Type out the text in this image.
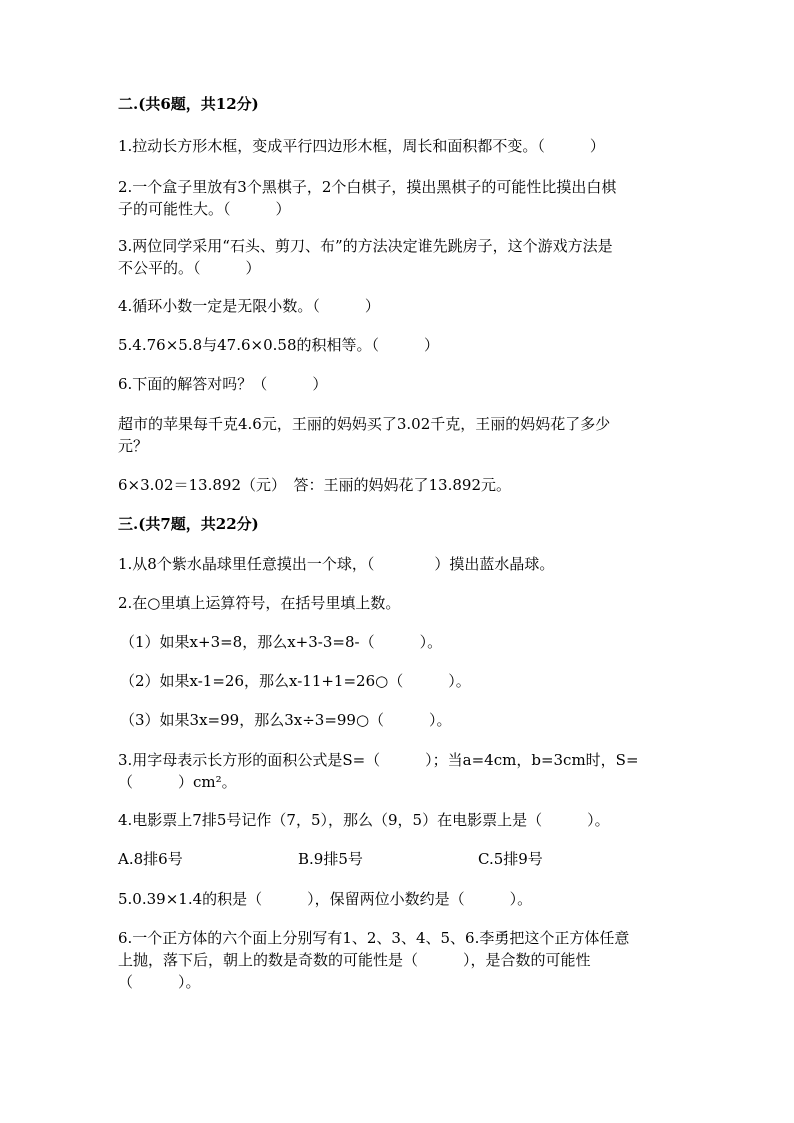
二.(共6题，共12分)
1.拉动长方形木框，变成平行四边形木框，周长和面积都不变。（　　　）
2.一个盒子里放有3个黑棋子，2个白棋子，摸出黑棋子的可能性比摸出白棋
子的可能性大。（　　　）
3.两位同学采用“石头、剪刀、布”的方法决定谁先跳房子，这个游戏方法是
不公平的。（　　　）
4.循环小数一定是无限小数。（　　　）
5.4.76×5.8与47.6×0.58的积相等。（　　　）
6.下面的解答对吗？（　　　）
超市的苹果每千克4.6元，王丽的妈妈买了3.02千克，王丽的妈妈花了多少
元？
6×3.02＝13.892（元）　答：王丽的妈妈花了13.892元。
三.(共7题，共22分)
1.从8个紫水晶球里任意摸出一个球，（　　　　）摸出蓝水晶球。
2.在○里填上运算符号，在括号里填上数。
（1）如果x+3=8，那么x+3-3=8-（　　　）。
（2）如果x-1=26，那么x-11+1=26○（　　　）。
（3）如果3x=99，那么3x÷3=99○（　　　）。
3.用字母表示长方形的面积公式是S=（　　　）；当a=4cm，b=3cm时，S=
（　　　）cm²。
4.电影票上7排5号记作（7，5），那么（9，5）在电影票上是（　　　）。
A.8排6号	B.9排5号	C.5排9号
5.0.39×1.4的积是（　　　），保留两位小数约是（　　　）。
6.一个正方体的六个面上分别写有1、2、3、4、5、6.李勇把这个正方体任意
上抛，落下后，朝上的数是奇数的可能性是（　　　），是合数的可能性
（　　　）。
